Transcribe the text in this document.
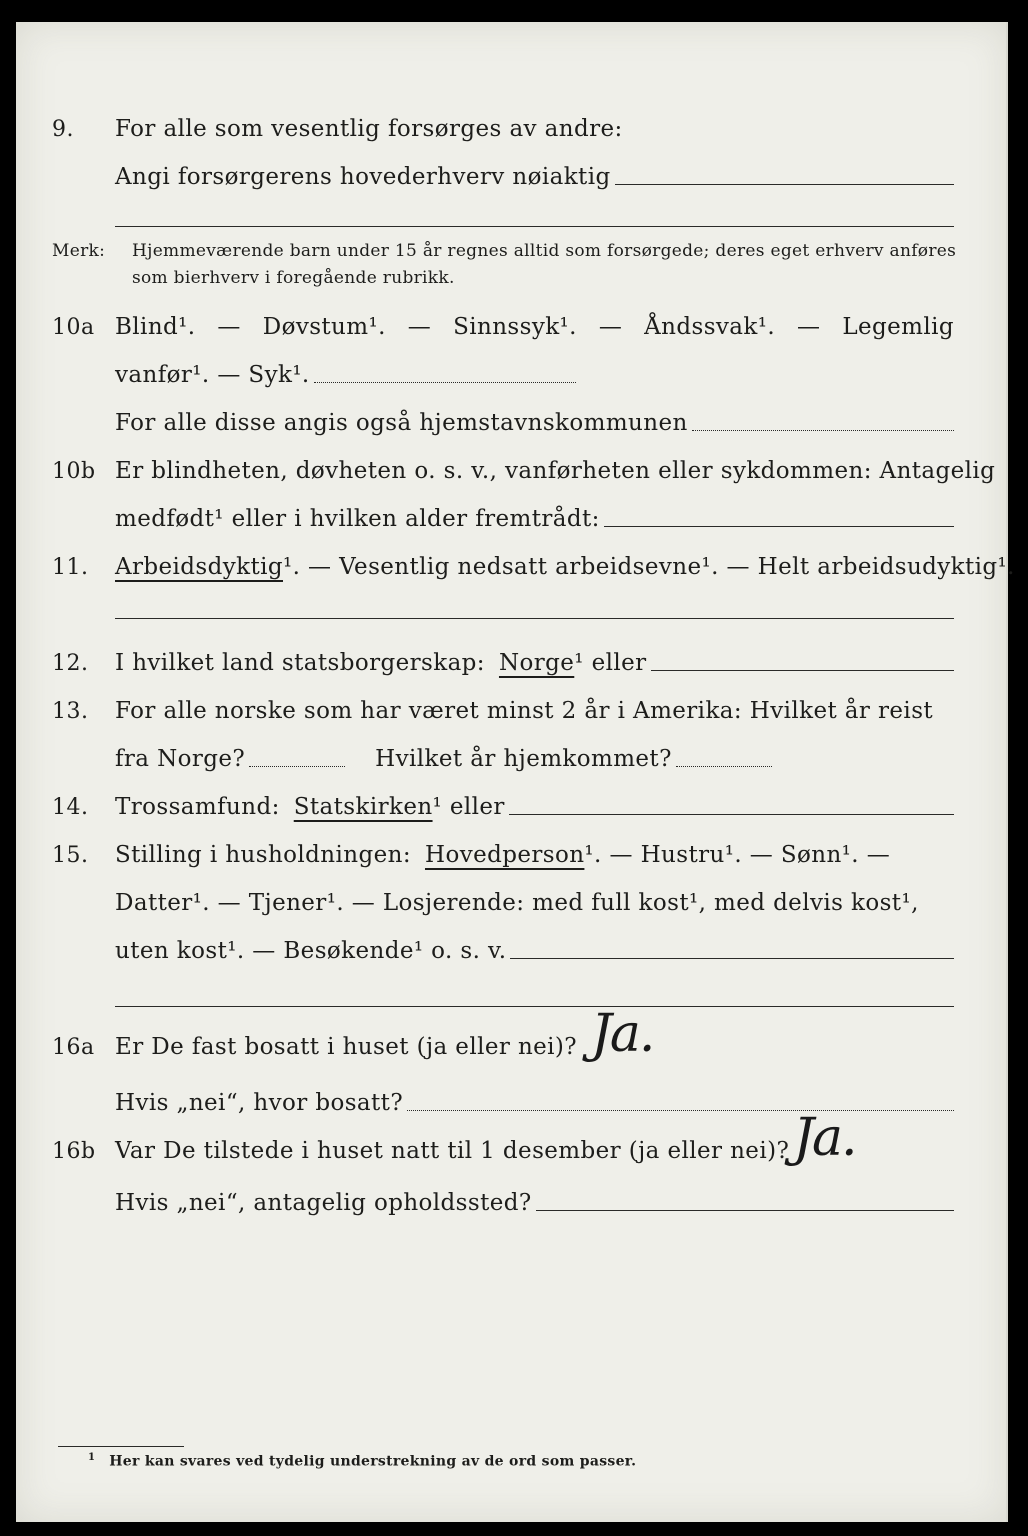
9. For alle som vesentlig forsørges av andre:
Angi forsørgerens hovederhverv nøiaktig
Merk: Hjemmeværende barn under 15 år regnes alltid som forsørgede; deres eget erhverv anføres som bierhverv i foregående rubrikk.
10a Blind¹. — Døvstum¹. — Sinnssyk¹. — Åndssvak¹. — Legemlig
vanfør¹. — Syk¹.
For alle disse angis også hjemstavnskommunen
10b Er blindheten, døvheten o. s. v., vanførheten eller sykdommen: Antagelig
medfødt¹ eller i hvilken alder fremtrådt:
11. Arbeidsdyktig ¹. — Vesentlig nedsatt arbeidsevne¹. — Helt arbeidsudyktig¹.
12. I hvilket land statsborgerskap: Norge ¹ eller
13. For alle norske som har været minst 2 år i Amerika: Hvilket år reist
fra Norge?	Hvilket år hjemkommet?
14. Trossamfund: Statskirken ¹ eller
15. Stilling i husholdningen: Hovedperson ¹. — Hustru¹. — Sønn¹. —
Datter¹. — Tjener¹. — Losjerende: med full kost¹, med delvis kost¹,
uten kost¹. — Besøkende¹ o. s. v.
16a Er De fast bosatt i huset (ja eller nei)? Ja.
Hvis „nei“, hvor bosatt?
16b Var De tilstede i huset natt til 1 desember (ja eller nei)? Ja.
Hvis „nei“, antagelig opholdssted?
$^1$ Her kan svares ved tydelig understrekning av de ord som passer.
